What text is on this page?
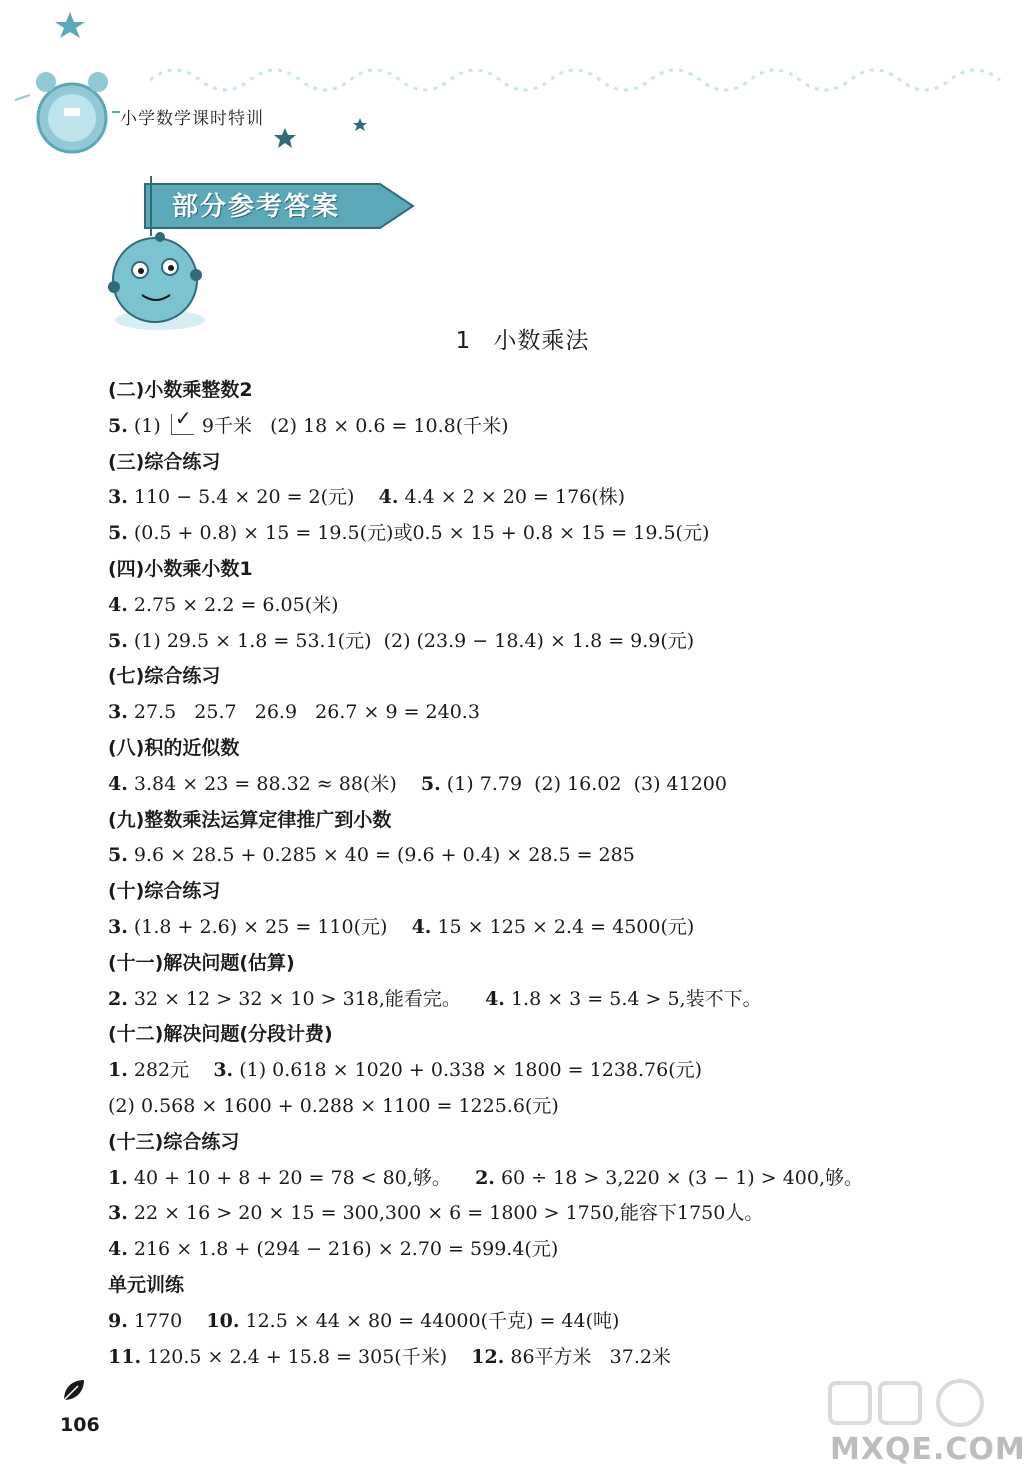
小学数学课时特训
部分参考答案
1 小数乘法
(二)小数乘整数2
5. (1)  ✓ 9千米   (2) 18 × 0.6 = 10.8(千米)
(三)综合练习
3. 110 − 5.4 × 20 = 2(元)    4. 4.4 × 2 × 20 = 176(株)
5. (0.5 + 0.8) × 15 = 19.5(元)或0.5 × 15 + 0.8 × 15 = 19.5(元)
(四)小数乘小数1
4. 2.75 × 2.2 = 6.05(米)
5. (1) 29.5 × 1.8 = 53.1(元)  (2) (23.9 − 18.4) × 1.8 = 9.9(元)
(七)综合练习
3. 27.5   25.7   26.9   26.7 × 9 = 240.3
(八)积的近似数
4. 3.84 × 23 = 88.32 ≈ 88(米)    5. (1) 7.79  (2) 16.02  (3) 41200
(九)整数乘法运算定律推广到小数
5. 9.6 × 28.5 + 0.285 × 40 = (9.6 + 0.4) × 28.5 = 285
(十)综合练习
3. (1.8 + 2.6) × 25 = 110(元)    4. 15 × 125 × 2.4 = 4500(元)
(十一)解决问题(估算)
2. 32 × 12 > 32 × 10 > 318,能看完。    4. 1.8 × 3 = 5.4 > 5,装不下。
(十二)解决问题(分段计费)
1. 282元    3. (1) 0.618 × 1020 + 0.338 × 1800 = 1238.76(元)
(2) 0.568 × 1600 + 0.288 × 1100 = 1225.6(元)
(十三)综合练习
1. 40 + 10 + 8 + 20 = 78 < 80,够。    2. 60 ÷ 18 > 3,220 × (3 − 1) > 400,够。
3. 22 × 16 > 20 × 15 = 300,300 × 6 = 1800 > 1750,能容下1750人。
4. 216 × 1.8 + (294 − 216) × 2.70 = 599.4(元)
单元训练
9. 1770    10. 12.5 × 44 × 80 = 44000(千克) = 44(吨)
11. 120.5 × 2.4 + 15.8 = 305(千米)    12. 86平方米   37.2米
106
MXQE.COM
